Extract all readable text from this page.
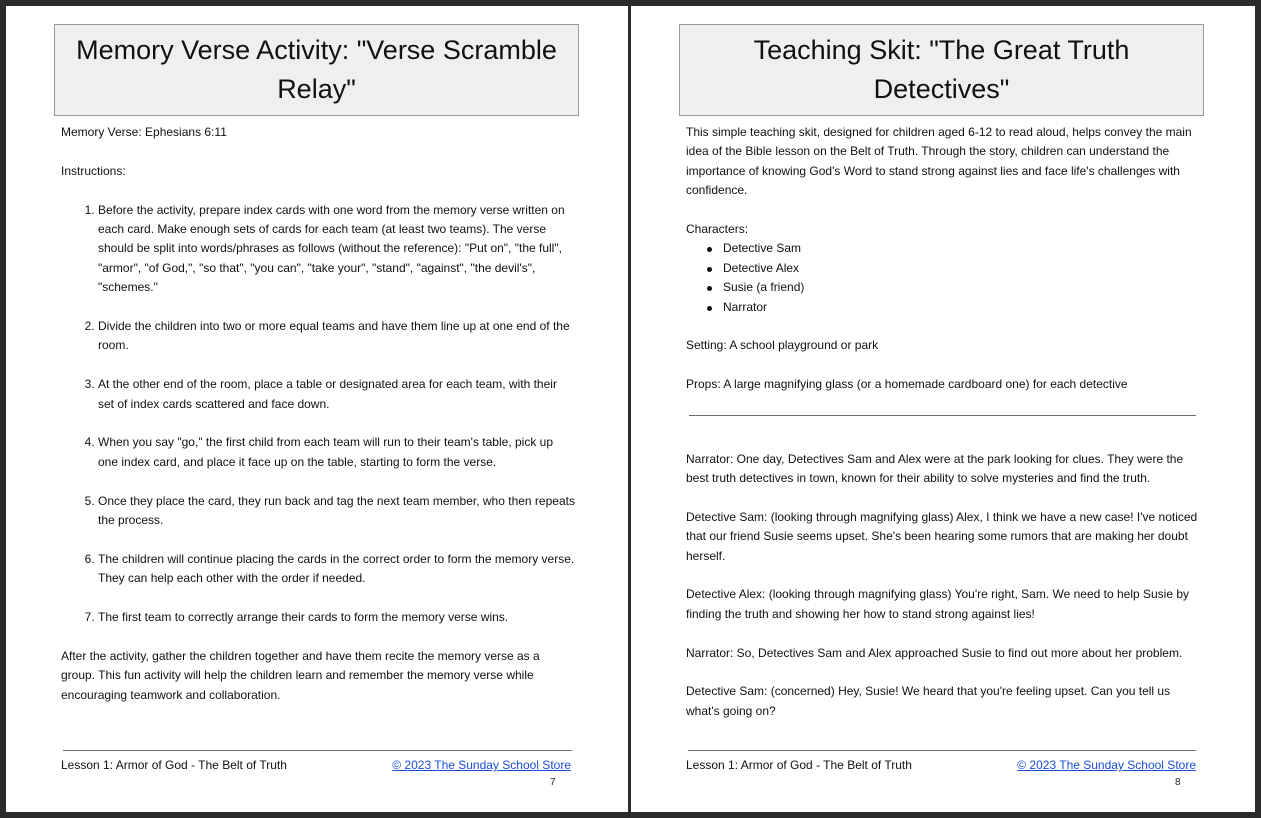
Memory Verse Activity: "Verse Scramble Relay"

Memory Verse: Ephesians 6:11

Instructions:

1. Before the activity, prepare index cards with one word from the memory verse written on each card. Make enough sets of cards for each team (at least two teams). The verse should be split into words/phrases as follows (without the reference): "Put on", "the full", "armor", "of God,", "so that", "you can", "take your", "stand", "against", "the devil's", "schemes."
2. Divide the children into two or more equal teams and have them line up at one end of the room.
3. At the other end of the room, place a table or designated area for each team, with their set of index cards scattered and face down.
4. When you say "go," the first child from each team will run to their team's table, pick up one index card, and place it face up on the table, starting to form the verse.
5. Once they place the card, they run back and tag the next team member, who then repeats the process.
6. The children will continue placing the cards in the correct order to form the memory verse. They can help each other with the order if needed.
7. The first team to correctly arrange their cards to form the memory verse wins.

After the activity, gather the children together and have them recite the memory verse as a group. This fun activity will help the children learn and remember the memory verse while encouraging teamwork and collaboration.

Lesson 1: Armor of God - The Belt of Truth	© 2023 The Sunday School Store
7
Teaching Skit: "The Great Truth Detectives"

This simple teaching skit, designed for children aged 6-12 to read aloud, helps convey the main idea of the Bible lesson on the Belt of Truth. Through the story, children can understand the importance of knowing God's Word to stand strong against lies and face life's challenges with confidence.

Characters:

Detective Sam
Detective Alex
Susie (a friend)
Narrator

Setting: A school playground or park

Props: A large magnifying glass (or a homemade cardboard one) for each detective

Narrator: One day, Detectives Sam and Alex were at the park looking for clues. They were the best truth detectives in town, known for their ability to solve mysteries and find the truth.

Detective Sam: (looking through magnifying glass) Alex, I think we have a new case! I've noticed that our friend Susie seems upset. She's been hearing some rumors that are making her doubt herself.

Detective Alex: (looking through magnifying glass) You're right, Sam. We need to help Susie by finding the truth and showing her how to stand strong against lies!

Narrator: So, Detectives Sam and Alex approached Susie to find out more about her problem.

Detective Sam: (concerned) Hey, Susie! We heard that you're feeling upset. Can you tell us what's going on?

Lesson 1: Armor of God - The Belt of Truth	© 2023 The Sunday School Store
8
